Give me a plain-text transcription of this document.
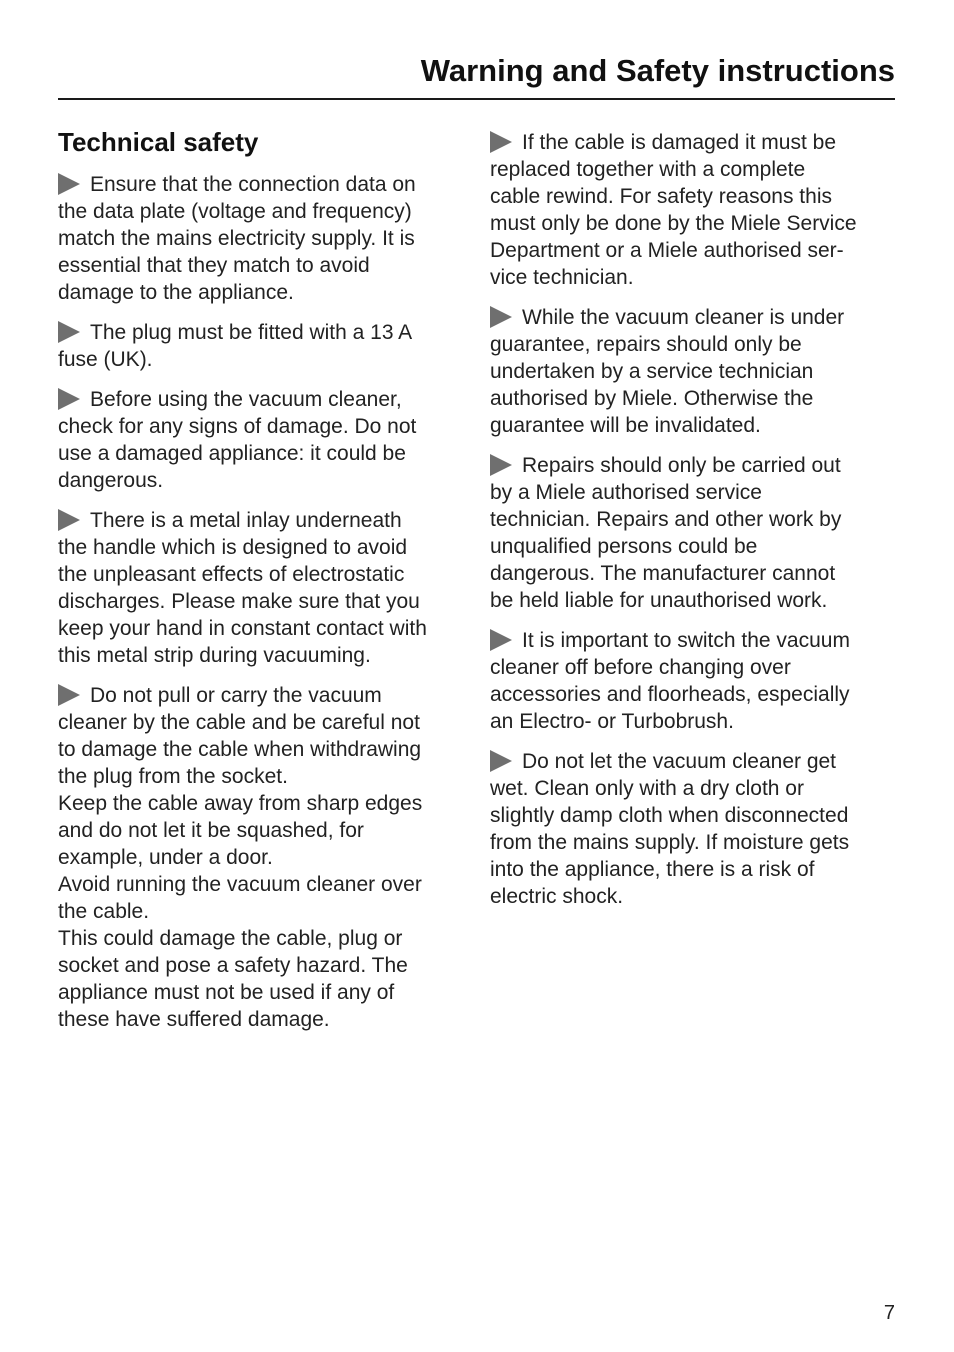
Warning and Safety instructions
Technical safety

Ensure that the connection data on
the data plate (voltage and frequency)
match the mains electricity supply. It is
essential that they match to avoid
damage to the appliance.

The plug must be fitted with a 13 A
fuse (UK).

Before using the vacuum cleaner,
check for any signs of damage. Do not
use a damaged appliance: it could be
dangerous.

There is a metal inlay underneath
the handle which is designed to avoid
the unpleasant effects of electrostatic
discharges. Please make sure that you
keep your hand in constant contact with
this metal strip during vacuuming.

Do not pull or carry the vacuum
cleaner by the cable and be careful not
to damage the cable when withdrawing
the plug from the socket.
Keep the cable away from sharp edges
and do not let it be squashed, for
example, under a door.
Avoid running the vacuum cleaner over
the cable.
This could damage the cable, plug or
socket and pose a safety hazard. The
appliance must not be used if any of
these have suffered damage.

If the cable is damaged it must be
replaced together with a complete
cable rewind. For safety reasons this
must only be done by the Miele Service
Department or a Miele authorised ser-
vice technician.

While the vacuum cleaner is under
guarantee, repairs should only be
undertaken by a service technician
authorised by Miele. Otherwise the
guarantee will be invalidated.

Repairs should only be carried out
by a Miele authorised service
technician. Repairs and other work by
unqualified persons could be
dangerous. The manufacturer cannot
be held liable for unauthorised work.

It is important to switch the vacuum
cleaner off before changing over
accessories and floorheads, especially
an Electro- or Turbobrush.

Do not let the vacuum cleaner get
wet. Clean only with a dry cloth or
slightly damp cloth when disconnected
from the mains supply. If moisture gets
into the appliance, there is a risk of
electric shock.

7
